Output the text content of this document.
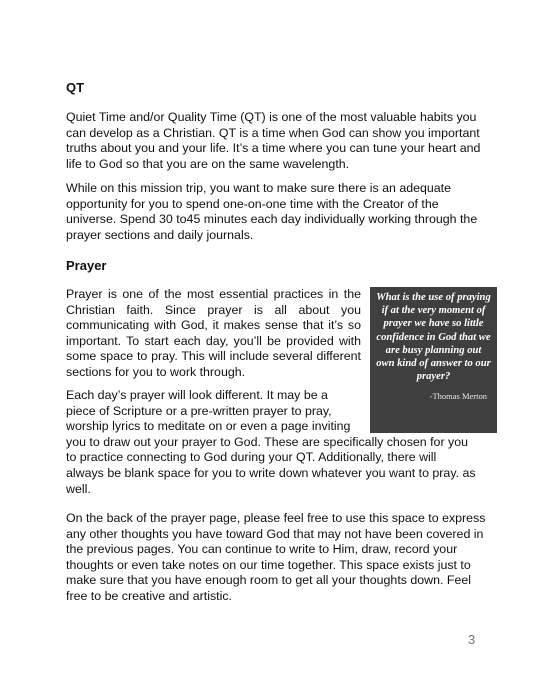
QT

Quiet Time and/or Quality Time (QT) is one of the most valuable habits you can develop as a Christian. QT is a time when God can show you important truths about you and your life. It’s a time where you can tune your heart and life to God so that you are on the same wavelength.

While on this mission trip, you want to make sure there is an adequate opportunity for you to spend one-on-one time with the Creator of the universe. Spend 30 to45 minutes each day individually working through the prayer sections and daily journals.

Prayer

Prayer is one of the most essential practices in the Christian faith. Since prayer is all about you communicating with God, it makes sense that it’s so important. To start each day, you’ll be provided with some space to pray. This will include several different sections for you to work through.

Each day’s prayer will look different. It may be a piece of Scripture or a pre-written prayer to pray, worship lyrics to meditate on or even a page inviting you to draw out your prayer to God. These are specifically chosen for you to practice connecting to God during your QT. Additionally, there will always be blank space for you to write down whatever you want to pray. as well.

On the back of the prayer page, please feel free to use this space to express any other thoughts you have toward God that may not have been covered in the previous pages. You can continue to write to Him, draw, record your thoughts or even take notes on our time together. This space exists just to make sure that you have enough room to get all your thoughts down. Feel free to be creative and artistic.

What is the use of praying if at the very moment of prayer we have so little confidence in God that we are busy planning out own kind of answer to our prayer?

-Thomas Merton

3
